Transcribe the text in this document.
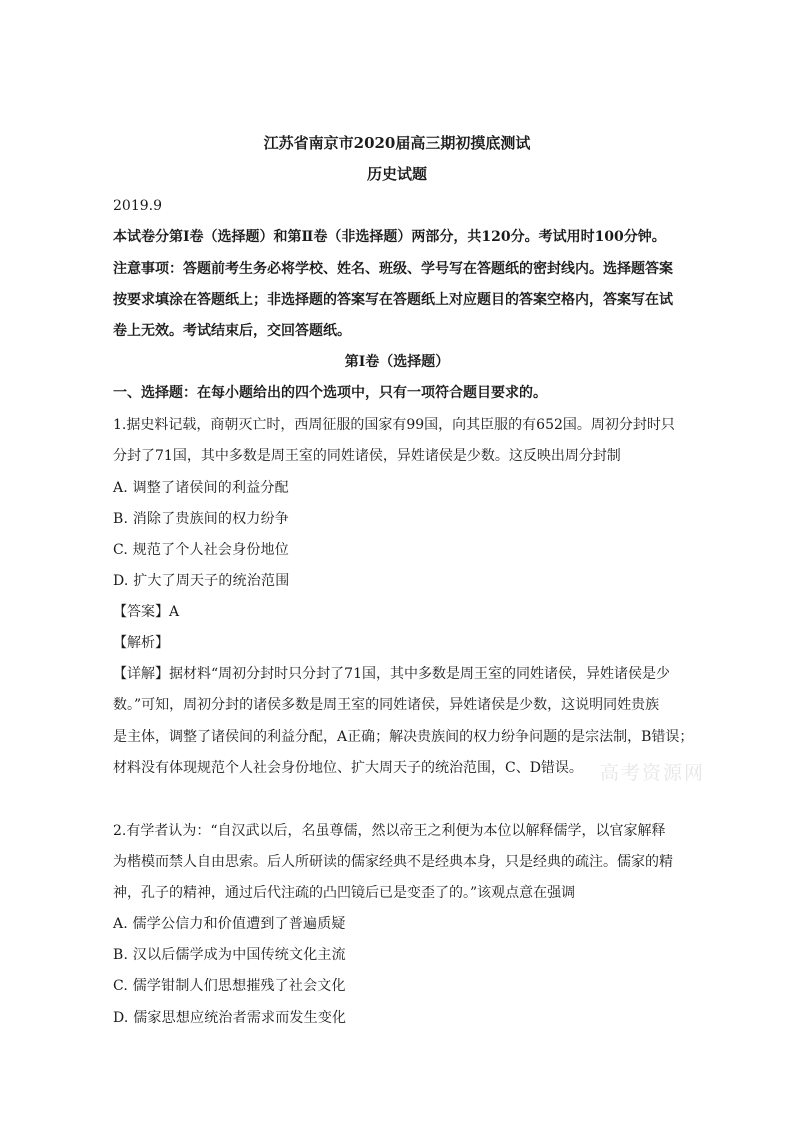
江苏省南京市2020届高三期初摸底测试
历史试题
2019.9
本试卷分第Ⅰ卷（选择题）和第Ⅱ卷（非选择题）两部分，共120分。考试用时100分钟。
注意事项：答题前考生务必将学校、姓名、班级、学号写在答题纸的密封线内。选择题答案
按要求填涂在答题纸上；非选择题的答案写在答题纸上对应题目的答案空格内，答案写在试
卷上无效。考试结束后，交回答题纸。
第Ⅰ卷（选择题）
一、选择题：在每小题给出的四个选项中，只有一项符合题目要求的。
1.据史料记载，商朝灭亡时，西周征服的国家有99国，向其臣服的有652国。周初分封时只
分封了71国，其中多数是周王室的同姓诸侯，异姓诸侯是少数。这反映出周分封制
A. 调整了诸侯间的利益分配
B. 消除了贵族间的权力纷争
C. 规范了个人社会身份地位
D. 扩大了周天子的统治范围
【答案】A
【解析】
【详解】据材料“周初分封时只分封了71国，其中多数是周王室的同姓诸侯，异姓诸侯是少
数。”可知，周初分封的诸侯多数是周王室的同姓诸侯，异姓诸侯是少数，这说明同姓贵族
是主体，调整了诸侯间的利益分配，A正确；解决贵族间的权力纷争问题的是宗法制，B错误；
材料没有体现规范个人社会身份地位、扩大周天子的统治范围，C、D错误。 高考资源网
2.有学者认为：“自汉武以后，名虽尊儒，然以帝王之利便为本位以解释儒学，以官家解释
为楷模而禁人自由思索。后人所研读的儒家经典不是经典本身，只是经典的疏注。儒家的精
神，孔子的精神，通过后代注疏的凸凹镜后已是变歪了的。”该观点意在强调
A. 儒学公信力和价值遭到了普遍质疑
B. 汉以后儒学成为中国传统文化主流
C. 儒学钳制人们思想摧残了社会文化
D. 儒家思想应统治者需求而发生变化
